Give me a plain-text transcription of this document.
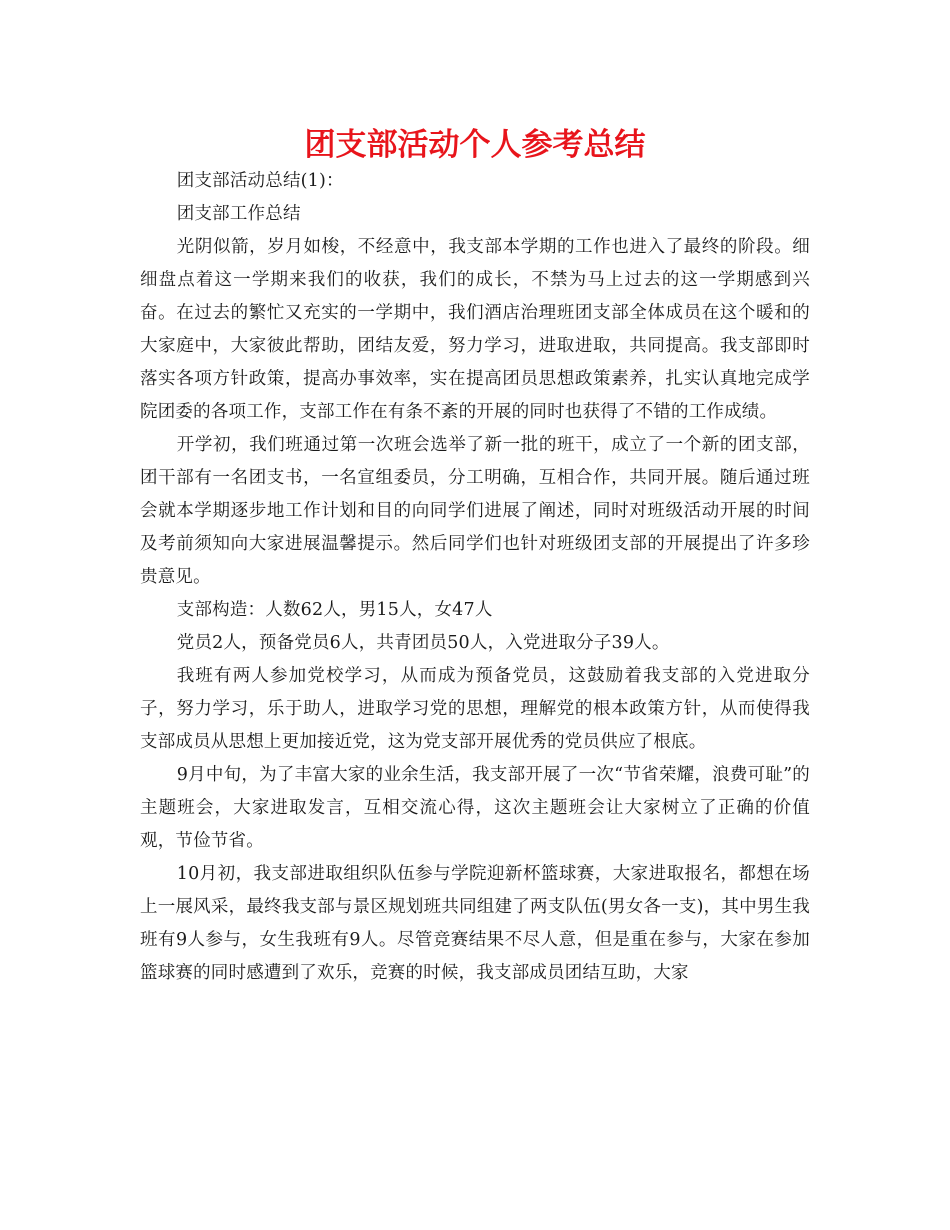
团支部活动个人参考总结

团支部活动总结(1)：

团支部工作总结

光阴似箭，岁月如梭，不经意中，我支部本学期的工作也进入了最终的阶段。细细盘点着这一学期来我们的收获，我们的成长，不禁为马上过去的这一学期感到兴奋。在过去的繁忙又充实的一学期中，我们酒店治理班团支部全体成员在这个暖和的大家庭中，大家彼此帮助，团结友爱，努力学习，进取进取，共同提高。我支部即时落实各项方针政策，提高办事效率，实在提高团员思想政策素养，扎实认真地完成学院团委的各项工作，支部工作在有条不紊的开展的同时也获得了不错的工作成绩。

开学初，我们班通过第一次班会选举了新一批的班干，成立了一个新的团支部，团干部有一名团支书，一名宣组委员，分工明确，互相合作，共同开展。随后通过班会就本学期逐步地工作计划和目的向同学们进展了阐述，同时对班级活动开展的时间及考前须知向大家进展温馨提示。然后同学们也针对班级团支部的开展提出了许多珍贵意见。

支部构造：人数62人，男15人，女47人

党员2人，预备党员6人，共青团员50人，入党进取分子39人。

我班有两人参加党校学习，从而成为预备党员，这鼓励着我支部的入党进取分子，努力学习，乐于助人，进取学习党的思想，理解党的根本政策方针，从而使得我支部成员从思想上更加接近党，这为党支部开展优秀的党员供应了根底。

9月中旬，为了丰富大家的业余生活，我支部开展了一次“节省荣耀，浪费可耻”的主题班会，大家进取发言，互相交流心得，这次主题班会让大家树立了正确的价值观，节俭节省。

10月初，我支部进取组织队伍参与学院迎新杯篮球赛，大家进取报名，都想在场上一展风采，最终我支部与景区规划班共同组建了两支队伍(男女各一支)，其中男生我班有9人参与，女生我班有9人。尽管竞赛结果不尽人意，但是重在参与，大家在参加篮球赛的同时感遭到了欢乐，竞赛的时候，我支部成员团结互助，大家
